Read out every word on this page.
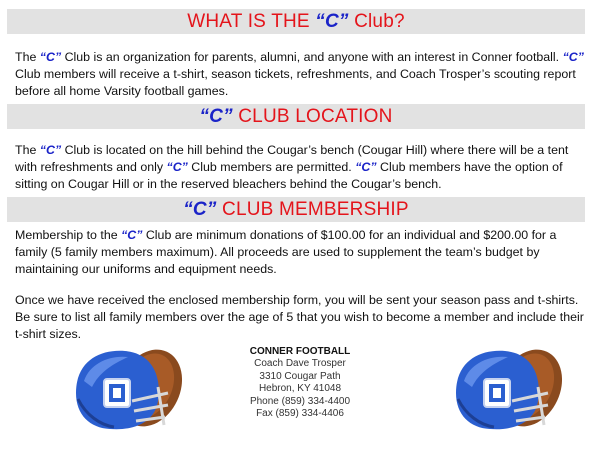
WHAT IS THE “C” Club?

The “C” Club is an organization for parents, alumni, and anyone with an interest in Conner football. “C” Club members will receive a t-shirt, season tickets, refreshments, and Coach Trosper’s scouting report before all home Varsity football games.

“C” CLUB LOCATION

The “C” Club is located on the hill behind the Cougar’s bench (Cougar Hill) where there will be a tent with refreshments and only “C” Club members are permitted. “C” Club members have the option of sitting on Cougar Hill or in the reserved bleachers behind the Cougar’s bench.

“C” CLUB MEMBERSHIP

Membership to the “C” Club are minimum donations of $100.00 for an individual and $200.00 for a family (5 family members maximum). All proceeds are used to supplement the team’s budget by maintaining our uniforms and equipment needs.

Once we have received the enclosed membership form, you will be sent your season pass and t-shirts. Be sure to list all family members over the age of 5 that you wish to become a member and include their t-shirt sizes.

CONNER FOOTBALL
Coach Dave Trosper
3310 Cougar Path
Hebron, KY 41048
Phone (859) 334-4400
Fax (859) 334-4406
